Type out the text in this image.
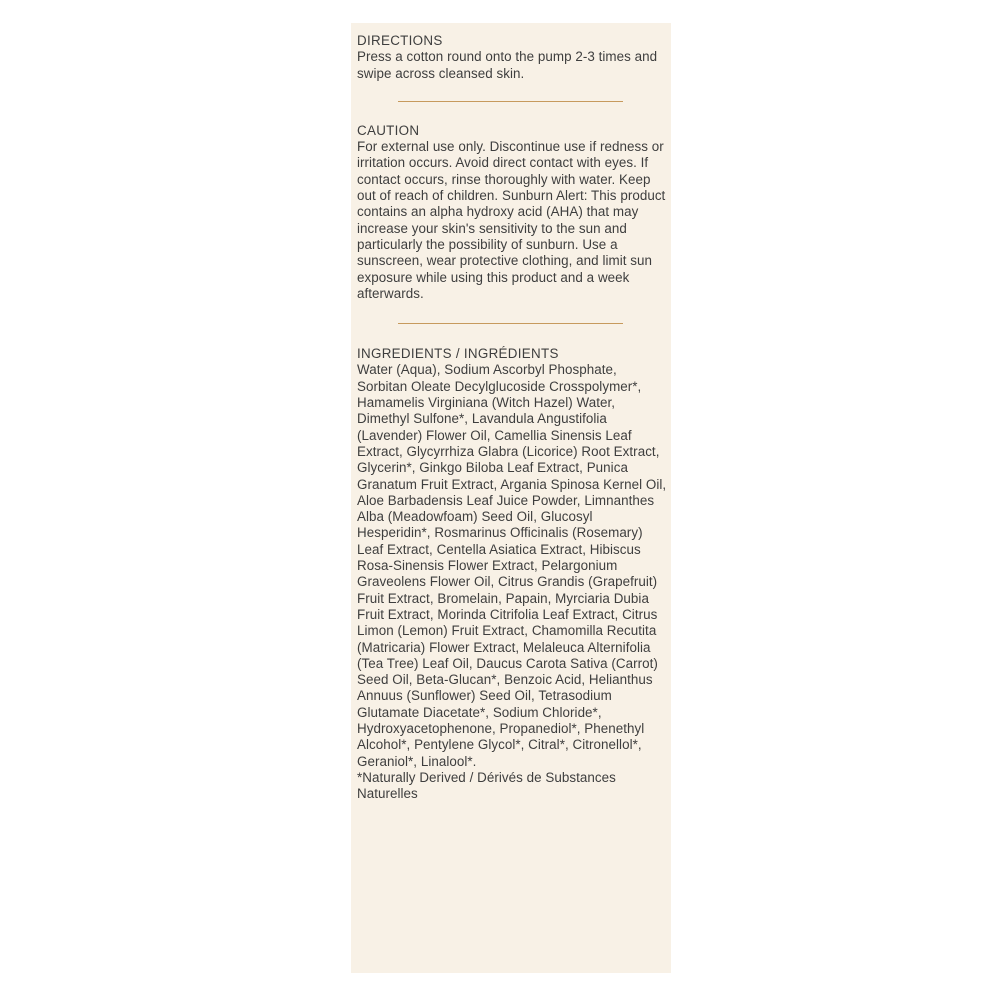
DIRECTIONS

Press a cotton round onto the pump 2-3 times and swipe across cleansed skin.

CAUTION

For external use only. Discontinue use if redness or irritation occurs. Avoid direct contact with eyes. If contact occurs, rinse thoroughly with water. Keep out of reach of children. Sunburn Alert: This product contains an alpha hydroxy acid (AHA) that may increase your skin's sensitivity to the sun and particularly the possibility of sunburn. Use a sunscreen, wear protective clothing, and limit sun exposure while using this product and a week afterwards.

INGREDIENTS / INGRÉDIENTS

Water (Aqua), Sodium Ascorbyl Phosphate, Sorbitan Oleate Decylglucoside Crosspolymer*, Hamamelis Virginiana (Witch Hazel) Water, Dimethyl Sulfone*, Lavandula Angustifolia (Lavender) Flower Oil, Camellia Sinensis Leaf Extract, Glycyrrhiza Glabra (Licorice) Root Extract, Glycerin*, Ginkgo Biloba Leaf Extract, Punica Granatum Fruit Extract, Argania Spinosa Kernel Oil, Aloe Barbadensis Leaf Juice Powder, Limnanthes Alba (Meadowfoam) Seed Oil, Glucosyl Hesperidin*, Rosmarinus Officinalis (Rosemary) Leaf Extract, Centella Asiatica Extract, Hibiscus Rosa-Sinensis Flower Extract, Pelargonium Graveolens Flower Oil, Citrus Grandis (Grapefruit) Fruit Extract, Bromelain, Papain, Myrciaria Dubia Fruit Extract, Morinda Citrifolia Leaf Extract, Citrus Limon (Lemon) Fruit Extract, Chamomilla Recutita (Matricaria) Flower Extract, Melaleuca Alternifolia (Tea Tree) Leaf Oil, Daucus Carota Sativa (Carrot) Seed Oil, Beta-Glucan*, Benzoic Acid, Helianthus Annuus (Sunflower) Seed Oil, Tetrasodium Glutamate Diacetate*, Sodium Chloride*, Hydroxyacetophenone, Propanediol*, Phenethyl Alcohol*, Pentylene Glycol*, Citral*, Citronellol*, Geraniol*, Linalool*.

*Naturally Derived / Dérivés de Substances Naturelles
